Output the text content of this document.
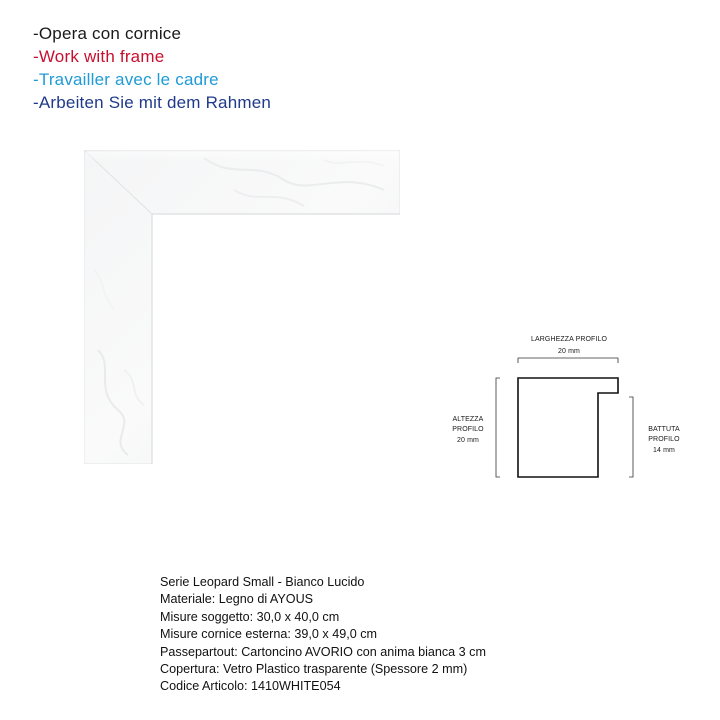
-Opera con cornice
-Work with frame
-Travailler avec le cadre
-Arbeiten Sie mit dem Rahmen
LARGHEZZA PROFILO
20 mm
ALTEZZA
PROFILO
20 mm
BATTUTA
PROFILO
14 mm
Serie Leopard Small - Bianco Lucido
Materiale: Legno di AYOUS
Misure soggetto: 30,0 x 40,0 cm
Misure cornice esterna: 39,0 x 49,0 cm
Passepartout: Cartoncino AVORIO con anima bianca 3 cm
Copertura: Vetro Plastico trasparente (Spessore 2 mm)
Codice Articolo: 1410WHITE054
